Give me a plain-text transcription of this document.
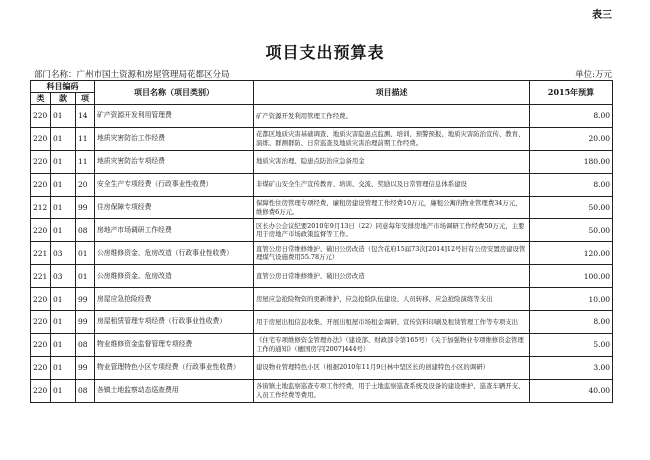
表三
项目支出预算表
部门名称：广州市国土资源和房屋管理局花都区分局	单位:万元
科目编码			项目名称（项目类别）	项目描述	2015年预算
类	款	项			
220	01	14	矿产资源开发利用管理费	矿产资源开发利用管理工作经费。	8.00
220	01	11	地质灾害防治工作经费	花都区地质灾害基础调查、地质灾害隐患点监测、培训、预警预报、地质灾害防治宣传、教育、演练、群测群防、日常巡查及地质灾害治理前期工作经费。	20.00
220	01	11	地质灾害防治专项经费	地质灾害治理、隐患点防治应急备用金	180.00
220	01	20	安全生产专项经费（行政事业性收费）	非煤矿山安全生产宣传教育、培训、交流、奖励以及日常管理信息体系建设	8.00
212	01	99	住房保障专项经费	保障性住房管理专项经费、廉租房建设管理工作经费10万元，廉租公寓的物业管理费34万元，维修费6万元。	50.00
220	01	08	房地产市场调研工作经费	区长办公会议纪要2010年9月13日（22）同意每年安排房地产市场调研工作经费50万元，主要用于房地产市场政策监督等工作。	50.00
221	03	01	公房维修资金、危房改造（行政事业性收费）	直管公房日常维修维护、破旧公房改造（包含花府15届73次[2014]12号旧有公房安置房建设管理煤气设施费用55.78万元）	120.00
221	03	01	公房维修资金、危房改造	直管公房日常维修维护、破旧公房改造	100.00
220	01	99	房屋应急抢险经费	房屋应急抢险物资的更新维护、应急抢险队伍建设、人员转移、应急抢险演练等支出	10.00
220	01	99	房屋租赁管理专项经费（行政事业性收费）	用于房屋出租信息收集、开展出租屋市场租金调研、宣传资料印刷及租赁管理工作等专项支出	8.00
220	01	08	物业维修资金监督管理专项经费	《住宅专项维修资金管理办法》（建设部、财政部令第165号）《关于加强物业专项维修资金管理工作的通知》（穗国房字[2007]444号）	5.00
220	01	99	物业管理特色小区专项经费（行政事业性收费）	建设物业管理特色小区（根据2010年11月9日林中坚区长的创建特色小区的调研）	3.00
220	01	08	各镇土地监察动态巡查费用	各街镇土地监察巡查专项工作经费，用于土地监察巡查系统及设备的建设维护、巡查车辆开支、人员工作经费等费用。	40.00
